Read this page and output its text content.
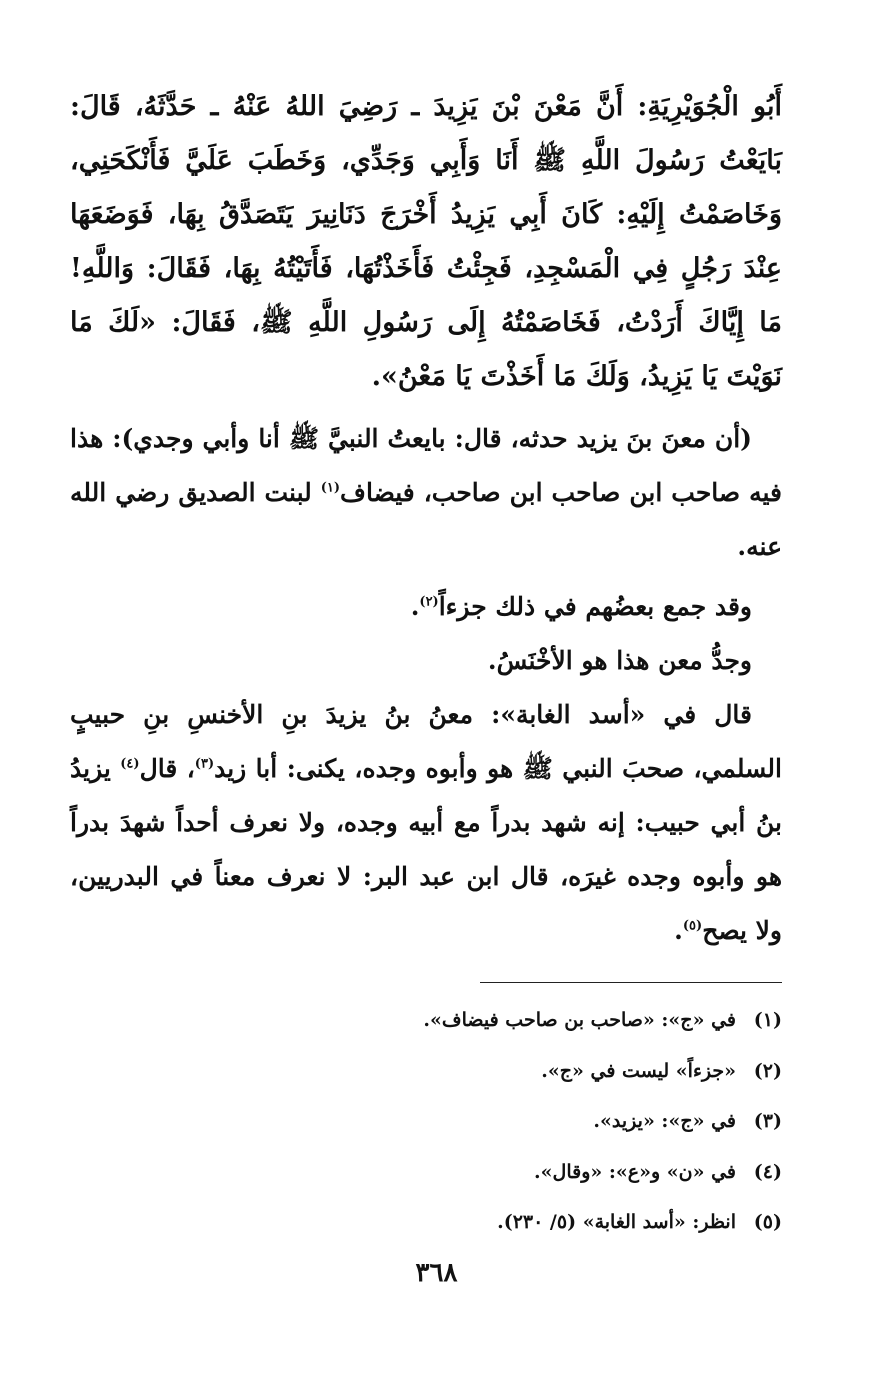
أَبُو الْجُوَيْرِيَةِ: أَنَّ مَعْنَ بْنَ يَزِيدَ ـ رَضِيَ اللهُ عَنْهُ ـ حَدَّثَهُ، قَالَ: بَايَعْتُ رَسُولَ اللَّهِ ﷺ أَنَا وَأَبِي وَجَدِّي، وَخَطَبَ عَلَيَّ فَأَنْكَحَنِي، وَخَاصَمْتُ إِلَيْهِ: كَانَ أَبِي يَزِيدُ أَخْرَجَ دَنَانِيرَ يَتَصَدَّقُ بِهَا، فَوَضَعَهَا عِنْدَ رَجُلٍ فِي الْمَسْجِدِ، فَجِئْتُ فَأَخَذْتُهَا، فَأَتَيْتُهُ بِهَا، فَقَالَ: وَاللَّهِ! مَا إِيَّاكَ أَرَدْتُ، فَخَاصَمْتُهُ إِلَى رَسُولِ اللَّهِ ﷺ، فَقَالَ: «لَكَ مَا نَوَيْتَ يَا يَزِيدُ، وَلَكَ مَا أَخَذْتَ يَا مَعْنُ».

(أن معنَ بنَ يزيد حدثه، قال: بايعتُ النبيَّ ﷺ أنا وأبي وجدي): هذا فيه صاحب ابن صاحب ابن صاحب، فيضاف$^{(١)}$ لبنت الصديق رضي الله عنه.

وقد جمع بعضُهم في ذلك جزءاً$^{(٢)}$.

وجدُّ معن هذا هو الأخْنَسُ.

قال في «أسد الغابة»: معنُ بنُ يزيدَ بنِ الأخنسِ بنِ حبيبٍ السلمي، صحبَ النبي ﷺ هو وأبوه وجده، يكنى: أبا زيد$^{(٣)}$، قال$^{(٤)}$ يزيدُ بنُ أبي حبيب: إنه شهد بدراً مع أبيه وجده، ولا نعرف أحداً شهدَ بدراً هو وأبوه وجده غيرَه، قال ابن عبد البر: لا نعرف معناً في البدريين، ولا يصح$^{(٥)}$.

(١)في «ج»: «صاحب بن صاحب فيضاف».
(٢)«جزءاً» ليست في «ج».
(٣)في «ج»: «يزيد».
(٤)في «ن» و«ع»: «وقال».
(٥)انظر: «أسد الغابة» (٥/ ٢٣٠).
٣٦٨
